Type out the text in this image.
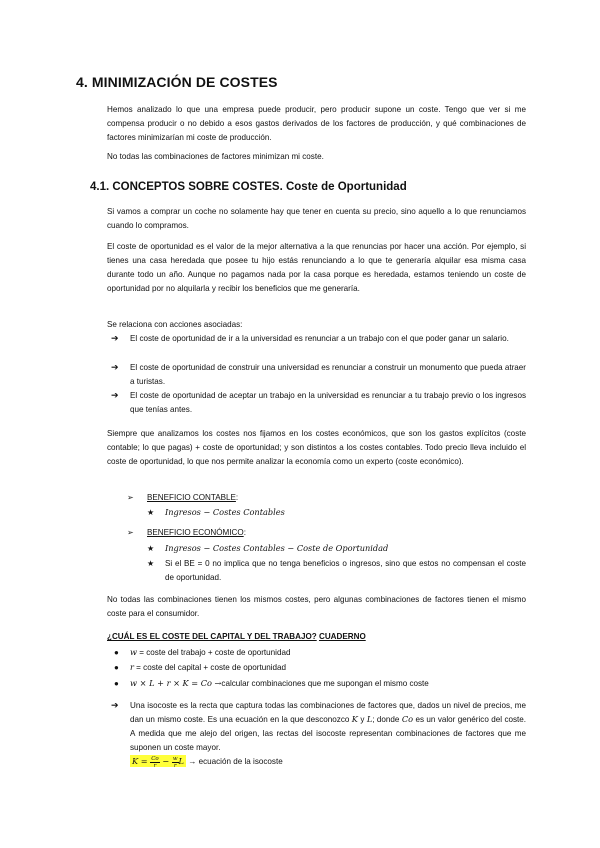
4. MINIMIZACIÓN DE COSTES

Hemos analizado lo que una empresa puede producir, pero producir supone un coste. Tengo que ver si me compensa producir o no debido a esos gastos derivados de los factores de producción, y qué combinaciones de factores minimizarían mi coste de producción.

No todas las combinaciones de factores minimizan mi coste.

4.1. CONCEPTOS SOBRE COSTES. Coste de Oportunidad

Si vamos a comprar un coche no solamente hay que tener en cuenta su precio, sino aquello a lo que renunciamos cuando lo compramos.

El coste de oportunidad es el valor de la mejor alternativa a la que renuncias por hacer una acción. Por ejemplo, si tienes una casa heredada que posee tu hijo estás renunciando a lo que te generaría alquilar esa misma casa durante todo un año. Aunque no pagamos nada por la casa porque es heredada, estamos teniendo un coste de oportunidad por no alquilarla y recibir los beneficios que me generaría.

Se relaciona con acciones asociadas:

➔ El coste de oportunidad de ir a la universidad es renunciar a un trabajo con el que poder ganar un salario.

➔ El coste de oportunidad de construir una universidad es renunciar a construir un monumento que pueda atraer a turistas.

➔ El coste de oportunidad de aceptar un trabajo en la universidad es renunciar a tu trabajo previo o los ingresos que tenías antes.

Siempre que analizamos los costes nos fijamos en los costes económicos, que son los gastos explícitos (coste contable; lo que pagas) + coste de oportunidad; y son distintos a los costes contables. Todo precio lleva incluido el coste de oportunidad, lo que nos permite analizar la economía como un experto (coste económico).

➢ BENEFICIO CONTABLE:

★ Ingresos − Costes Contables

➢ BENEFICIO ECONÓMICO:

★ Ingresos − Costes Contables − Coste de Oportunidad

★ Si el BE = 0 no implica que no tenga beneficios o ingresos, sino que estos no compensan el coste de oportunidad.

No todas las combinaciones tienen los mismos costes, pero algunas combinaciones de factores tienen el mismo coste para el consumidor.

¿CUÁL ES EL COSTE DEL CAPITAL Y DEL TRABAJO? CUADERNO

● w = coste del trabajo + coste de oportunidad

● r = coste del capital + coste de oportunidad

● w × L + r × K = Co →calcular combinaciones que me supongan el mismo coste

➔ Una isocoste es la recta que captura todas las combinaciones de factores que, dados un nivel de precios, me dan un mismo coste. Es una ecuación en la que desconozco K y L; donde Co es un valor genérico del coste. A medida que me alejo del origen, las rectas del isocoste representan combinaciones de factores que me suponen un coste mayor.

$K = \frac{Co}{r} - \frac{w}{r}$ L → ecuación de la isocoste
